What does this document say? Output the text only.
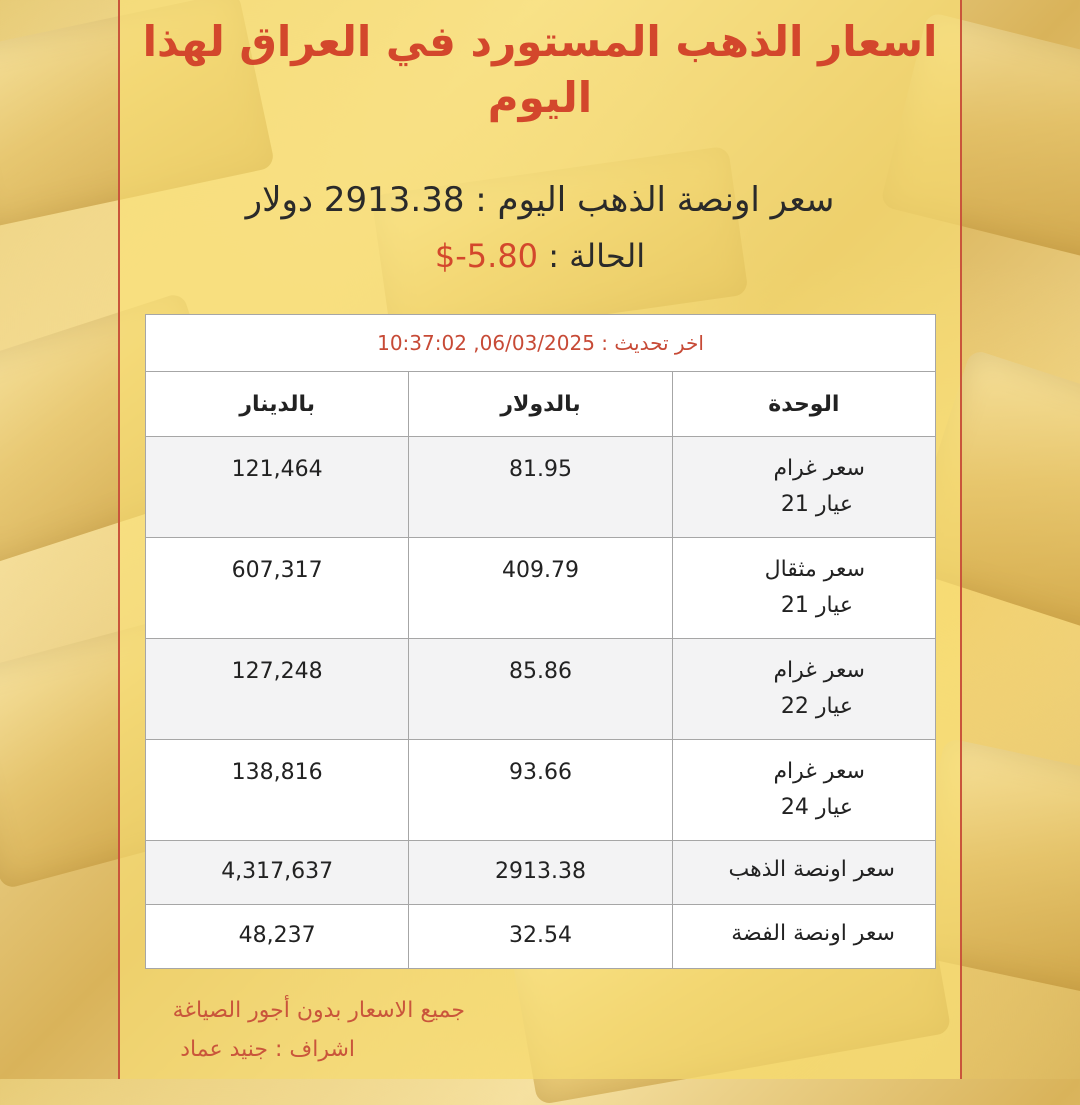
اسعار الذهب المستورد في العراق لهذا
اليوم
سعر اونصة الذهب اليوم : 2913.38 دولار
الحالة : $-5.80
اخر تحديث : 06/03/2025, 10:37:02		
الوحدة	بالدولار	بالدينار

سعر غرام
عيار 21	81.95	121,464

سعر مثقال
عيار 21	409.79	607,317

سعر غرام
عيار 22	85.86	127,248

سعر غرام
عيار 24	93.66	138,816

سعر اونصة الذهب	2913.38	4,317,637

سعر اونصة الفضة	32.54	48,237
جميع الاسعار بدون أجور الصياغة
اشراف : جنيد عماد
